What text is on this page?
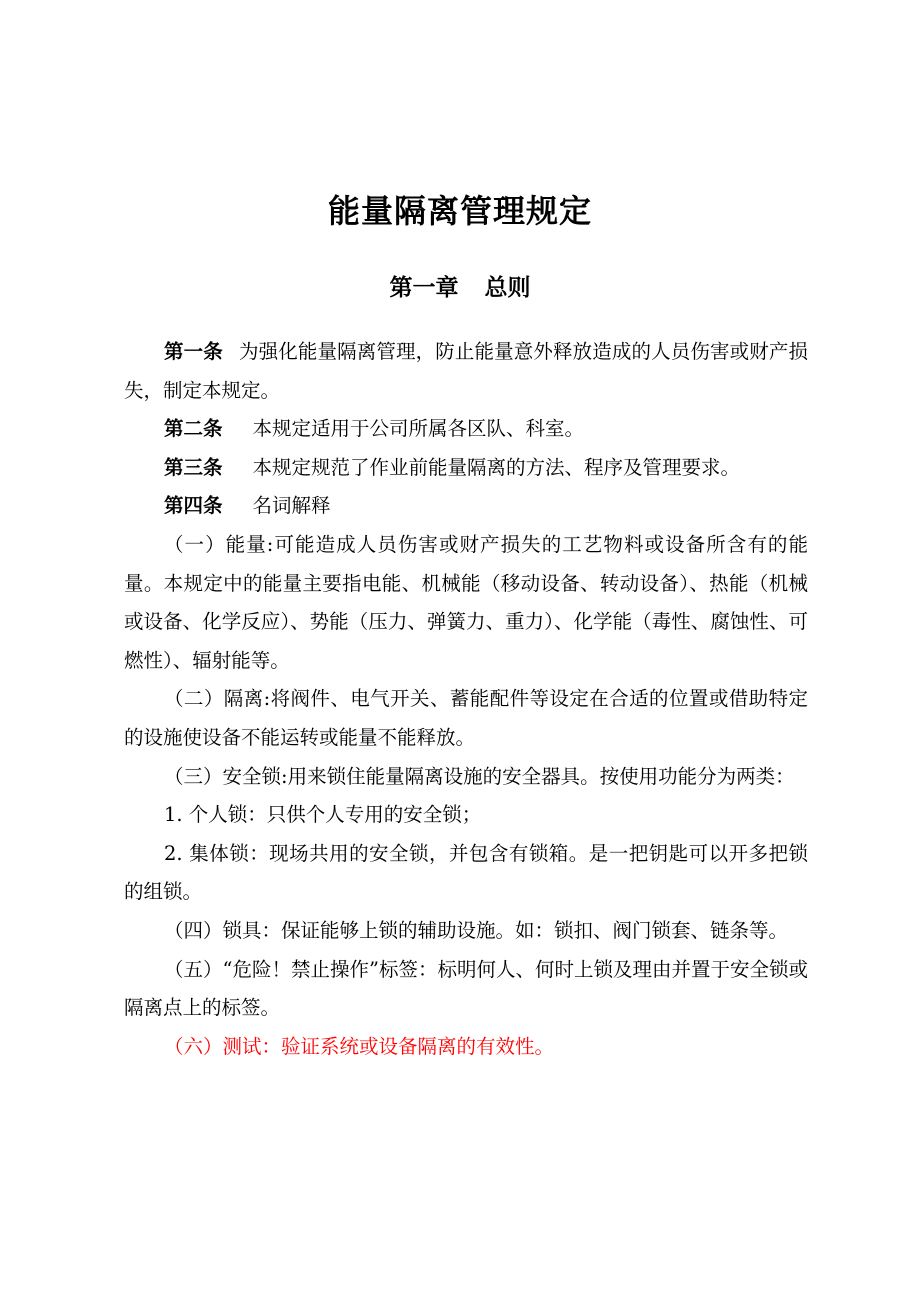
能量隔离管理规定
第一章 总则

第一条 为强化能量隔离管理，防止能量意外释放造成的人员伤害或财产损失，制定本规定。

第二条 本规定适用于公司所属各区队、科室。

第三条 本规定规范了作业前能量隔离的方法、程序及管理要求。

第四条 名词解释

（一）能量:可能造成人员伤害或财产损失的工艺物料或设备所含有的能量。本规定中的能量主要指电能、机械能（移动设备、转动设备）、热能（机械或设备、化学反应）、势能（压力、弹簧力、重力）、化学能（毒性、腐蚀性、可燃性）、辐射能等。

（二）隔离:将阀件、电气开关、蓄能配件等设定在合适的位置或借助特定的设施使设备不能运转或能量不能释放。

（三）安全锁:用来锁住能量隔离设施的安全器具。按使用功能分为两类：

1. 个人锁：只供个人专用的安全锁；

2. 集体锁：现场共用的安全锁，并包含有锁箱。是一把钥匙可以开多把锁的组锁。

（四）锁具：保证能够上锁的辅助设施。如：锁扣、阀门锁套、链条等。

（五）“危险！禁止操作”标签：标明何人、何时上锁及理由并置于安全锁或隔离点上的标签。

（六）测试：验证系统或设备隔离的有效性。
